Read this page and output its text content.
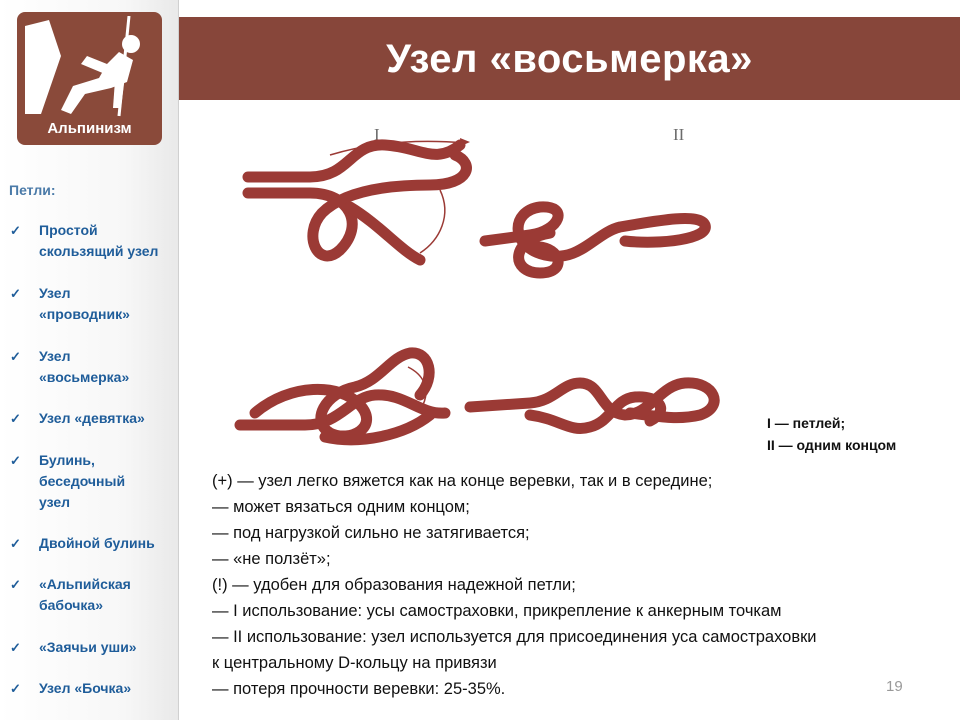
Альпинизм
Петли:
✓ Простой
скользящий узел
✓ Узел
«проводник»
✓ Узел
«восьмерка»
✓ Узел «девятка»
✓ Булинь,
беседочный
узел
✓ Двойной булинь
✓ «Альпийская
бабочка»
✓ «Заячьи уши»
✓ Узел «Бочка»
Узел «восьмерка»
I	II
I — петлей;
II — одним концом
(+) — узел легко вяжется как на конце веревки, так и в середине;
— может вязаться одним концом;
— под нагрузкой сильно не затягивается;
— «не ползёт»;
(!) — удобен для образования надежной петли;
— I использование: усы самостраховки, прикрепление к анкерным точкам
— II использование: узел используется для присоединения уса самостраховки
к центральному D-кольцу на привязи
— потеря прочности веревки: 25-35%.	19
